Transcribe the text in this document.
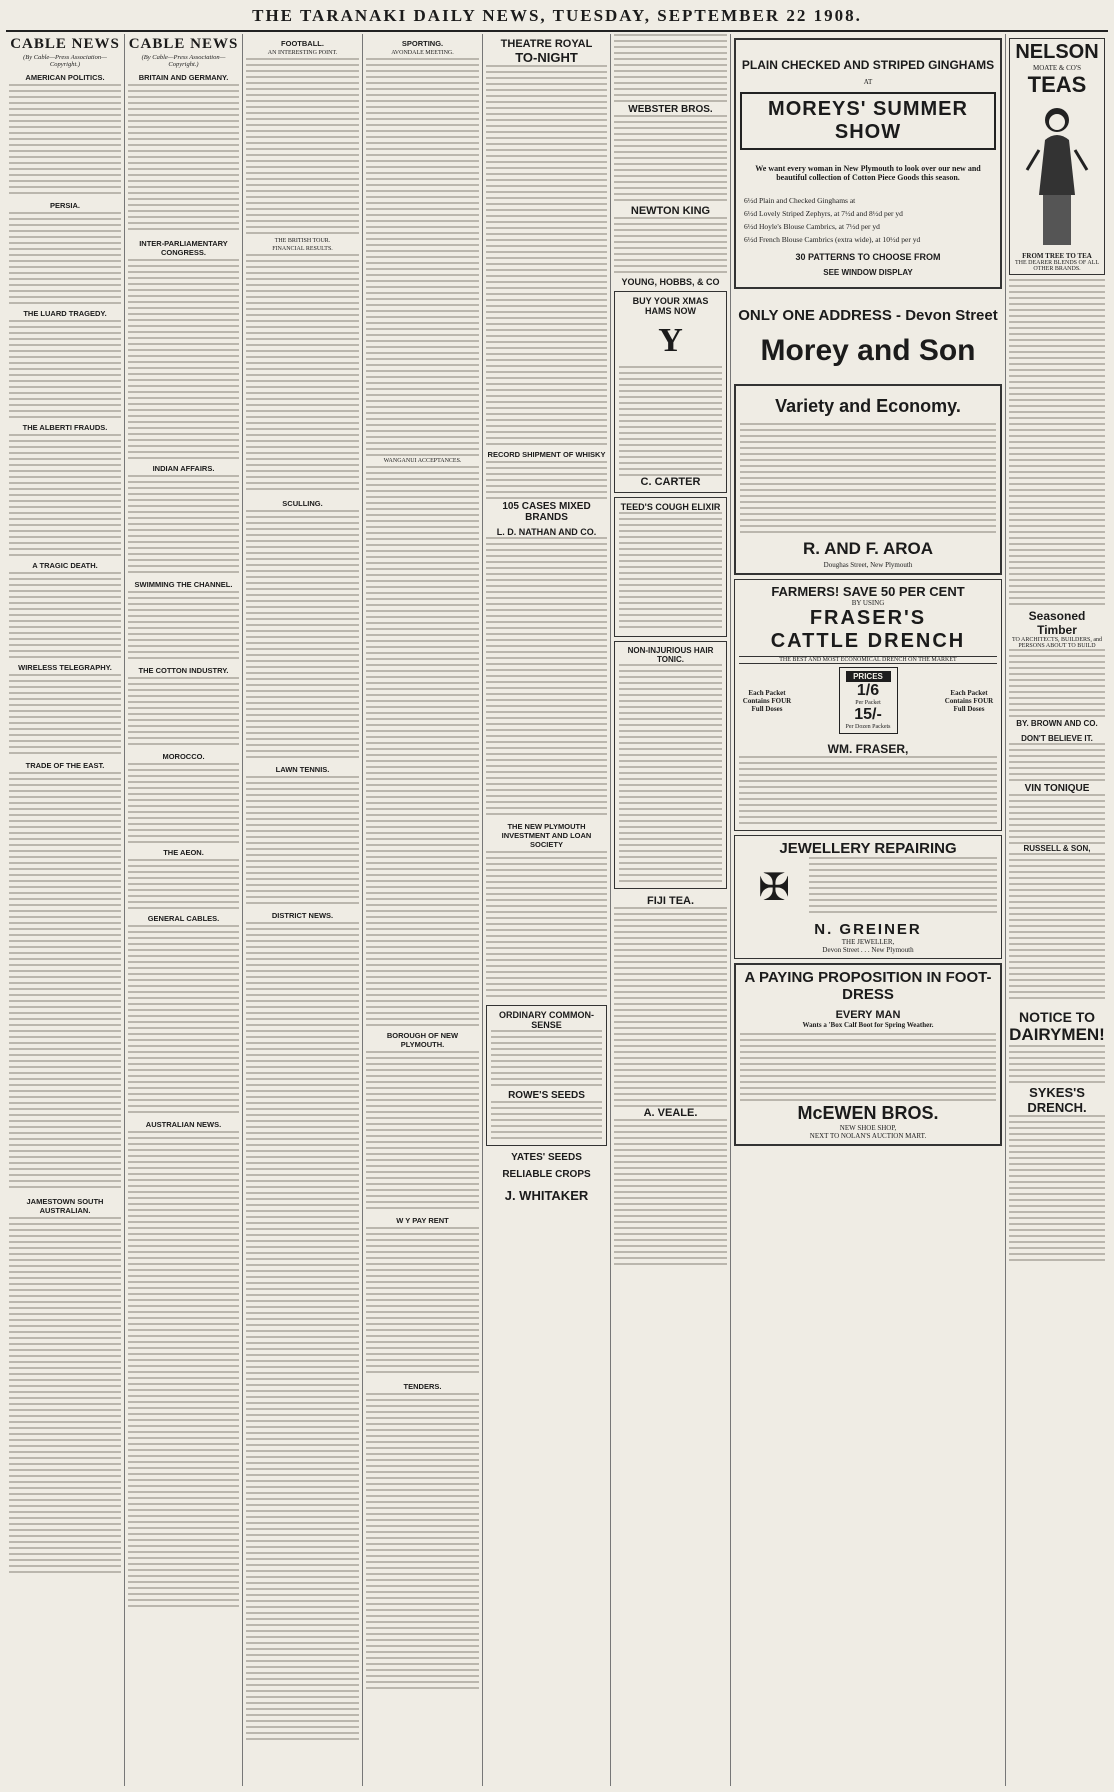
THE TARANAKI DAILY NEWS, TUESDAY, SEPTEMBER 22 1908.
CABLE NEWS
(By Cable—Press Association—Copyright.)
AMERICAN POLITICS.

PERSIA.

THE LUARD TRAGEDY.

THE ALBERTI FRAUDS.

A TRAGIC DEATH.

WIRELESS TELEGRAPHY.

TRADE OF THE EAST.

JAMESTOWN SOUTH AUSTRALIAN.

CABLE NEWS
(By Cable—Press Association—Copyright.)
BRITAIN AND GERMANY.

INTER-PARLIAMENTARY CONGRESS.

INDIAN AFFAIRS.

SWIMMING THE CHANNEL.

THE COTTON INDUSTRY.

MOROCCO.

THE AEON.

GENERAL CABLES.

AUSTRALIAN NEWS.

FOOTBALL.
AN INTERESTING POINT.

THE BRITISH TOUR.
FINANCIAL RESULTS.

SCULLING.

LAWN TENNIS.

DISTRICT NEWS.

SPORTING.
AVONDALE MEETING.

WANGANUI ACCEPTANCES.

BOROUGH OF NEW PLYMOUTH.

W Y PAY RENT

TENDERS.

THEATRE ROYAL
TO-NIGHT

RECORD SHIPMENT OF WHISKY

105 CASES MIXED BRANDS
L. D. NATHAN AND CO.

THE NEW PLYMOUTH INVESTMENT AND LOAN SOCIETY

ORDINARY COMMON-SENSE

ROWE'S SEEDS

YATES' SEEDS
RELIABLE CROPS
J. WHITAKER

WEBSTER BROS.

NEWTON KING

YOUNG, HOBBS, & CO
BUY YOUR XMAS HAMS NOW
Y

C. CARTER
TEED'S COUGH ELIXIR

NON-INJURIOUS HAIR TONIC.

FIJI TEA.

A. VEALE.

PLAIN CHECKED AND STRIPED GINGHAMS
AT
MOREYS' SUMMER SHOW
We want every woman in New Plymouth to look over our new and beautiful collection of Cotton Piece Goods this season.
6½d Plain and Checked Ginghams at
6½d Lovely Striped Zephyrs, at 7½d and 8½d per yd
6½d Hoyle's Blouse Cambrics, at 7½d per yd
6½d French Blouse Cambrics (extra wide), at 10½d per yd
30 PATTERNS TO CHOOSE FROM
SEE WINDOW DISPLAY
ONLY ONE ADDRESS - Devon Street
Morey and Son
Variety and Economy.

R. AND F. AROA
Doughas Street, New Plymouth
FARMERS! SAVE 50 PER CENT
BY USING
FRASER'S
CATTLE DRENCH
THE BEST AND MOST ECONOMICAL DRENCH ON THE MARKET
Each Packet Contains FOUR Full Doses
PRICES
1/6
Per Packet
15/-
Per Dozen Packets
Each Packet Contains FOUR Full Doses
WM. FRASER,

JEWELLERY REPAIRING
✠

N. GREINER
THE JEWELLER,
Devon Street . . . New Plymouth
A PAYING PROPOSITION IN FOOT-DRESS
EVERY MAN
Wants a 'Box Calf Boot for Spring Weather.

McEWEN BROS.
NEW SHOE SHOP,
NEXT TO NOLAN'S AUCTION MART.
NELSON
MOATE & CO'S
TEAS
FROM TREE TO TEA
THE DEARER BLENDS OF ALL OTHER BRANDS.

Seasoned Timber
TO ARCHITECTS, BUILDERS, and PERSONS ABOUT TO BUILD

BY. BROWN AND CO.
DON'T BELIEVE IT.

VIN TONIQUE

RUSSELL & SON,

NOTICE TO
DAIRYMEN!

SYKES'S DRENCH.
